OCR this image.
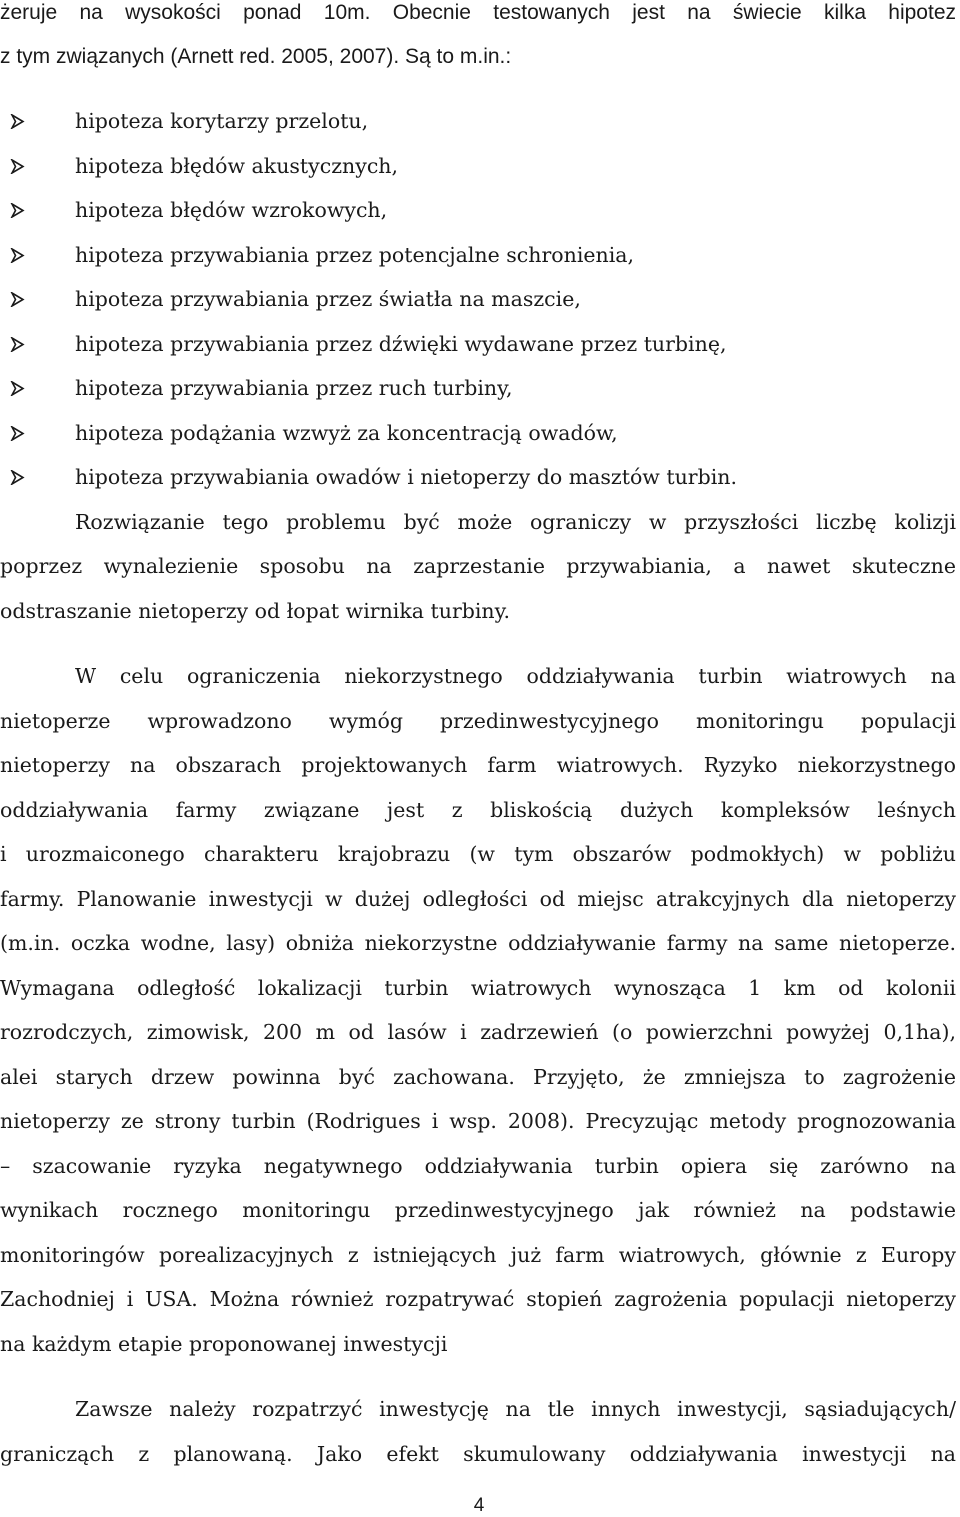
żeruje na wysokości ponad 10m. Obecnie testowanych jest na świecie kilka hipotez

z tym związanych (Arnett red. 2005, 2007). Są to m.in.:

hipoteza korytarzy przelotu,
hipoteza błędów akustycznych,
hipoteza błędów wzrokowych,
hipoteza przywabiania przez potencjalne schronienia,
hipoteza przywabiania przez światła na maszcie,
hipoteza przywabiania przez dźwięki wydawane przez turbinę,
hipoteza przywabiania przez ruch turbiny,
hipoteza podążania wzwyż za koncentracją owadów,
hipoteza przywabiania owadów i nietoperzy do masztów turbin.

Rozwiązanie tego problemu być może ograniczy w przyszłości liczbę kolizji

poprzez wynalezienie sposobu na zaprzestanie przywabiania, a nawet skuteczne

odstraszanie nietoperzy od łopat wirnika turbiny.

W celu ograniczenia niekorzystnego oddziaływania turbin wiatrowych na

nietoperze wprowadzono wymóg przedinwestycyjnego monitoringu populacji

nietoperzy na obszarach projektowanych farm wiatrowych. Ryzyko niekorzystnego

oddziaływania farmy związane jest z bliskością dużych kompleksów leśnych

i urozmaiconego charakteru krajobrazu (w tym obszarów podmokłych) w pobliżu

farmy. Planowanie inwestycji w dużej odległości od miejsc atrakcyjnych dla nietoperzy

(m.in. oczka wodne, lasy) obniża niekorzystne oddziaływanie farmy na same nietoperze.

Wymagana odległość lokalizacji turbin wiatrowych wynosząca 1 km od kolonii

rozrodczych, zimowisk, 200 m od lasów i zadrzewień (o powierzchni powyżej 0,1ha),

alei starych drzew powinna być zachowana. Przyjęto, że zmniejsza to zagrożenie

nietoperzy ze strony turbin (Rodrigues i wsp. 2008). Precyzując metody prognozowania

– szacowanie ryzyka negatywnego oddziaływania turbin opiera się zarówno na

wynikach rocznego monitoringu przedinwestycyjnego jak również na podstawie

monitoringów porealizacyjnych z istniejących już farm wiatrowych, głównie z Europy

Zachodniej i USA. Można również rozpatrywać stopień zagrożenia populacji nietoperzy

na każdym etapie proponowanej inwestycji

Zawsze należy rozpatrzyć inwestycję na tle innych inwestycji, sąsiadujących/

granicząch z planowaną. Jako efekt skumulowany oddziaływania inwestycji na

4
